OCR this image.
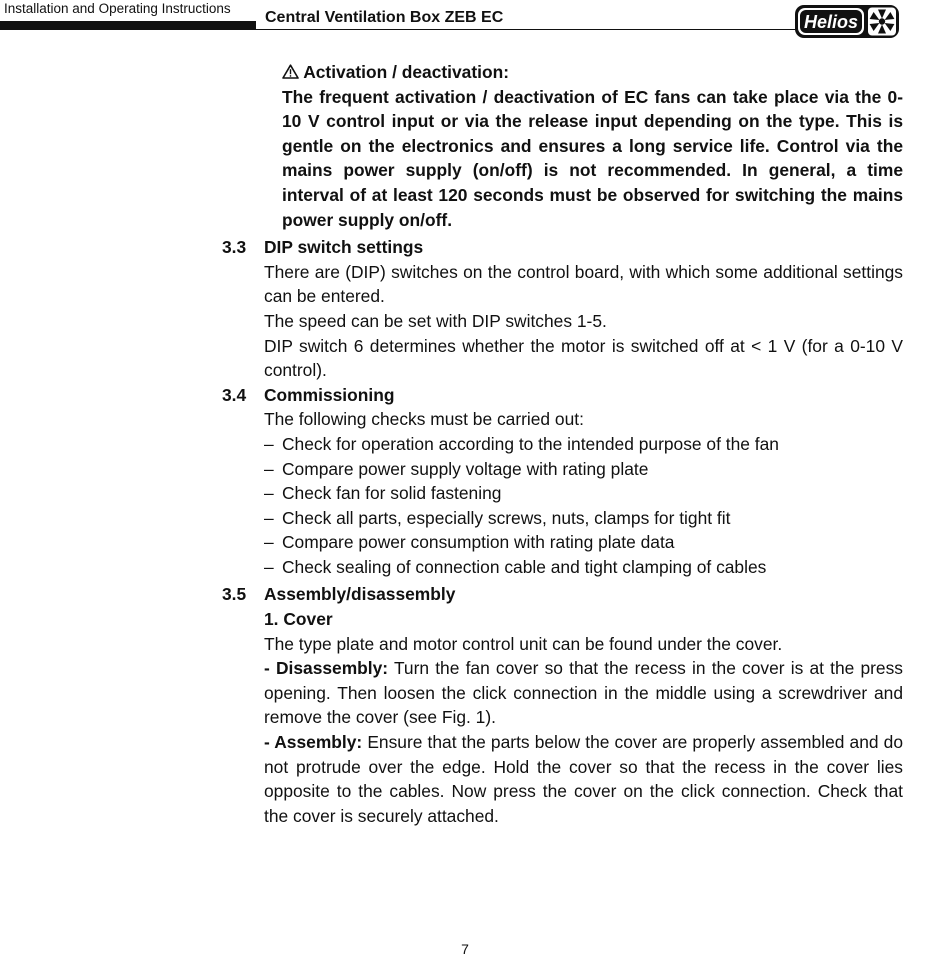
Installation and Operating Instructions
Central Ventilation Box ZEB EC	Helios
Activation / deactivation:
The frequent activation / deactivation of EC fans can take place via the 0-10 V control input or via the release input depending on the type. This is gentle on the electronics and ensures a long service life. Control via the mains power supply (on/off) is not recommended. In general, a time interval of at least 120 seconds must be observed for switching the mains power supply on/off.
3.3	DIP switch settings
There are (DIP) switches on the control board, with which some additional settings can be entered.
The speed can be set with DIP switches 1-5.
DIP switch 6 determines whether the motor is switched off at < 1 V (for a 0-10 V control).
3.4	Commissioning
The following checks must be carried out:
– Check for operation according to the intended purpose of the fan
– Compare power supply voltage with rating plate
– Check fan for solid fastening
– Check all parts, especially screws, nuts, clamps for tight fit
– Compare power consumption with rating plate data
– Check sealing of connection cable and tight clamping of cables
3.5	Assembly/disassembly
1. Cover
The type plate and motor control unit can be found under the cover.
- Disassembly: Turn the fan cover so that the recess in the cover is at the press opening. Then loosen the click connection in the middle using a screwdriver and remove the cover (see Fig. 1).
- Assembly: Ensure that the parts below the cover are properly assembled and do not protrude over the edge. Hold the cover so that the recess in the cover lies opposite to the cables. Now press the cover on the click connection. Check that the cover is securely attached.
7
